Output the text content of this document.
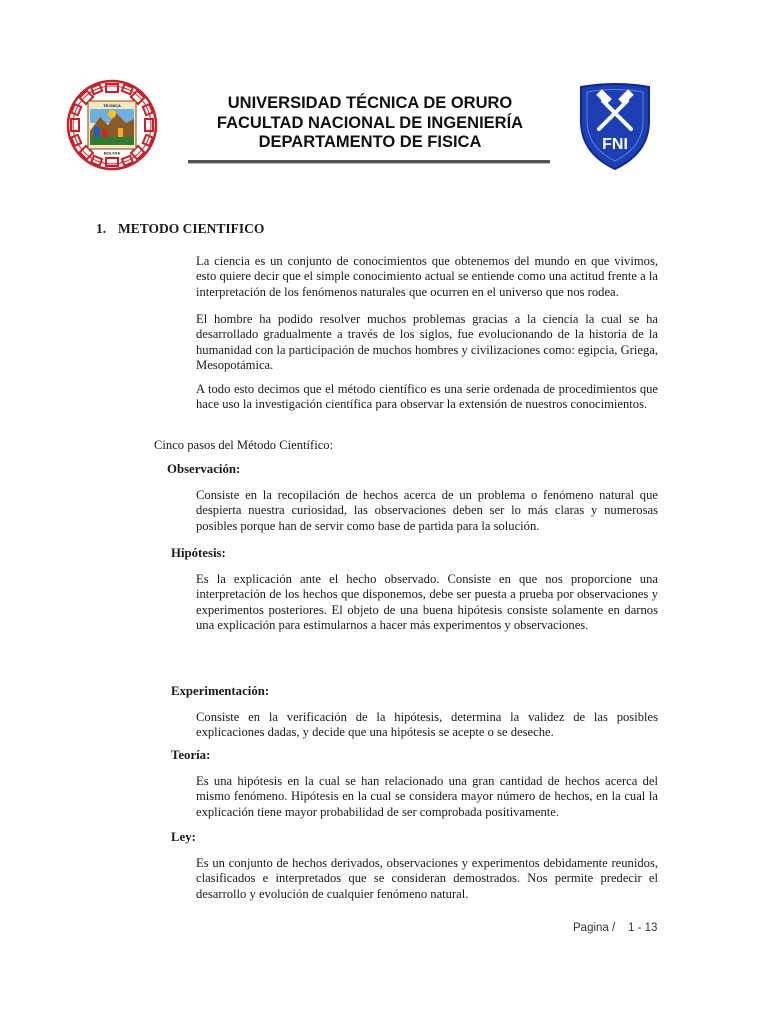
TECNICA
BOLIVIA
UNIVERSIDAD TÉCNICA DE ORURO
FACULTAD NACIONAL DE INGENIERÍA
DEPARTAMENTO DE FISICA	FNI
1. METODO CIENTIFICO
La ciencia es un conjunto de conocimientos que obtenemos del mundo en que vivimos, esto quiere decir que el simple conocimiento actual se entiende como una actitud frente a la interpretación de los fenómenos naturales que ocurren en el universo que nos rodea.
El hombre ha podido resolver muchos problemas gracias a la ciencia la cual se ha desarrollado gradualmente a través de los siglos, fue evolucionando de la historia de la humanidad con la participación de muchos hombres y civilizaciones como: egipcia, Griega, Mesopotámica.
A todo esto decimos que el método científico es una serie ordenada de procedimientos que hace uso la investigación científica para observar la extensión de nuestros conocimientos.
Cinco pasos del Método Científico:
Observación:
Consiste en la recopilación de hechos acerca de un problema o fenómeno natural que despierta nuestra curiosidad, las observaciones deben ser lo más claras y numerosas posibles porque han de servir como base de partida para la solución.
Hipótesis:
Es la explicación ante el hecho observado. Consiste en que nos proporcione una interpretación de los hechos que disponemos, debe ser puesta a prueba por observaciones y experimentos posteriores. El objeto de una buena hipótesis consiste solamente en darnos una explicación para estimularnos a hacer más experimentos y observaciones.
Experimentación:
Consiste en la verificación de la hipótesis, determina la validez de las posibles explicaciones dadas, y decide que una hipótesis se acepte o se deseche.
Teoría:
Es una hipótesis en la cual se han relacionado una gran cantidad de hechos acerca del mismo fenómeno. Hipótesis en la cual se considera mayor número de hechos, en la cual la explicación tiene mayor probabilidad de ser comprobada positivamente.
Ley:
Es un conjunto de hechos derivados, observaciones y experimentos debidamente reunidos, clasificados e interpretados que se consideran demostrados. Nos permite predecir el desarrollo y evolución de cualquier fenómeno natural.
Pagina / 1 - 13
